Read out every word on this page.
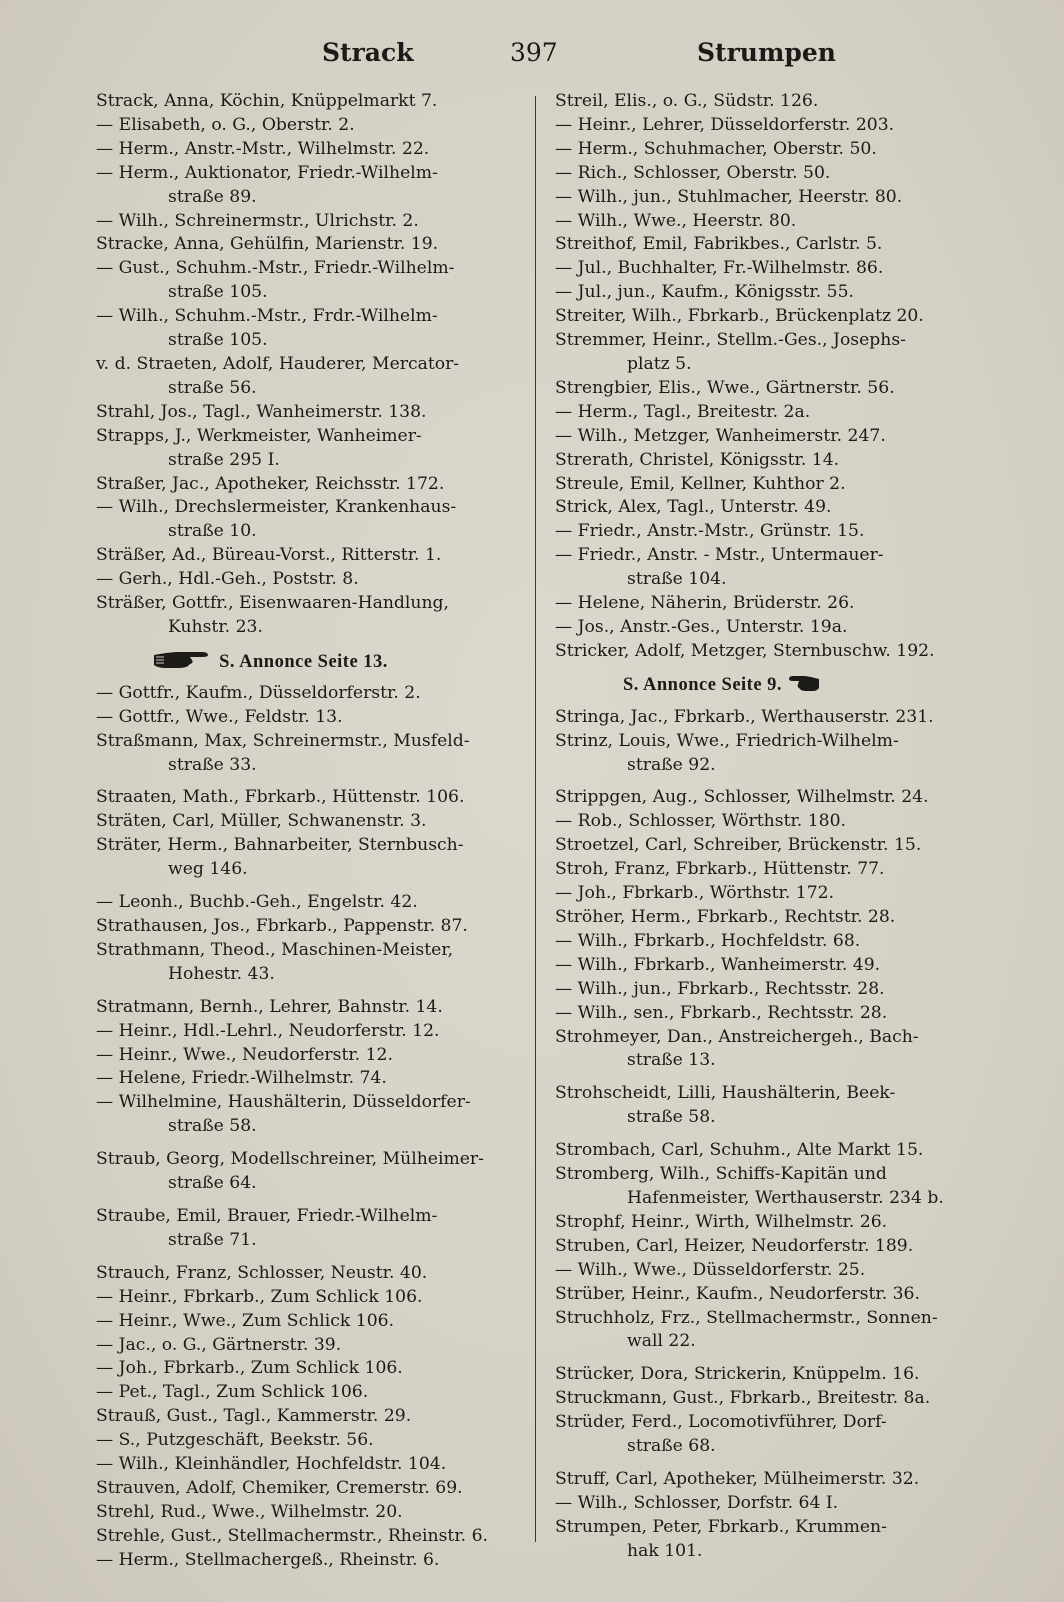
Strack	397	Strumpen
Strack, Anna, Köchin, Knüppelmarkt 7.
— Elisabeth, o. G., Oberstr. 2.
— Herm., Anstr.-Mstr., Wilhelmstr. 22.
— Herm., Auktionator, Friedr.-Wilhelm-
straße 89.
— Wilh., Schreinermstr., Ulrichstr. 2.
Stracke, Anna, Gehülfin, Marienstr. 19.
— Gust., Schuhm.-Mstr., Friedr.-Wilhelm-
straße 105.
— Wilh., Schuhm.-Mstr., Frdr.-Wilhelm-
straße 105.
v. d. Straeten, Adolf, Hauderer, Mercator-
straße 56.
Strahl, Jos., Tagl., Wanheimerstr. 138.
Strapps, J., Werkmeister, Wanheimer-
straße 295 I.
Straßer, Jac., Apotheker, Reichsstr. 172.
— Wilh., Drechslermeister, Krankenhaus-
straße 10.
Sträßer, Ad., Büreau-Vorst., Ritterstr. 1.
— Gerh., Hdl.-Geh., Poststr. 8.
Sträßer, Gottfr., Eisenwaaren-Handlung,
Kuhstr. 23.
S. Annonce Seite 13.
— Gottfr., Kaufm., Düsseldorferstr. 2.
— Gottfr., Wwe., Feldstr. 13.
Straßmann, Max, Schreinermstr., Musfeld-
straße 33.
Straaten, Math., Fbrkarb., Hüttenstr. 106.
Sträten, Carl, Müller, Schwanenstr. 3.
Sträter, Herm., Bahnarbeiter, Sternbusch-
weg 146.
— Leonh., Buchb.-Geh., Engelstr. 42.
Strathausen, Jos., Fbrkarb., Pappenstr. 87.
Strathmann, Theod., Maschinen-Meister,
Hohestr. 43.
Stratmann, Bernh., Lehrer, Bahnstr. 14.
— Heinr., Hdl.-Lehrl., Neudorferstr. 12.
— Heinr., Wwe., Neudorferstr. 12.
— Helene, Friedr.-Wilhelmstr. 74.
— Wilhelmine, Haushälterin, Düsseldorfer-
straße 58.
Straub, Georg, Modellschreiner, Mülheimer-
straße 64.
Straube, Emil, Brauer, Friedr.-Wilhelm-
straße 71.
Strauch, Franz, Schlosser, Neustr. 40.
— Heinr., Fbrkarb., Zum Schlick 106.
— Heinr., Wwe., Zum Schlick 106.
— Jac., o. G., Gärtnerstr. 39.
— Joh., Fbrkarb., Zum Schlick 106.
— Pet., Tagl., Zum Schlick 106.
Strauß, Gust., Tagl., Kammerstr. 29.
— S., Putzgeschäft, Beekstr. 56.
— Wilh., Kleinhändler, Hochfeldstr. 104.
Strauven, Adolf, Chemiker, Cremerstr. 69.
Strehl, Rud., Wwe., Wilhelmstr. 20.
Strehle, Gust., Stellmachermstr., Rheinstr. 6.
— Herm., Stellmachergeß., Rheinstr. 6.
Streil, Elis., o. G., Südstr. 126.
— Heinr., Lehrer, Düsseldorferstr. 203.
— Herm., Schuhmacher, Oberstr. 50.
— Rich., Schlosser, Oberstr. 50.
— Wilh., jun., Stuhlmacher, Heerstr. 80.
— Wilh., Wwe., Heerstr. 80.
Streithof, Emil, Fabrikbes., Carlstr. 5.
— Jul., Buchhalter, Fr.-Wilhelmstr. 86.
— Jul., jun., Kaufm., Königsstr. 55.
Streiter, Wilh., Fbrkarb., Brückenplatz 20.
Stremmer, Heinr., Stellm.-Ges., Josephs-
platz 5.
Strengbier, Elis., Wwe., Gärtnerstr. 56.
— Herm., Tagl., Breitestr. 2a.
— Wilh., Metzger, Wanheimerstr. 247.
Strerath, Christel, Königsstr. 14.
Streule, Emil, Kellner, Kuhthor 2.
Strick, Alex, Tagl., Unterstr. 49.
— Friedr., Anstr.-Mstr., Grünstr. 15.
— Friedr., Anstr. - Mstr., Untermauer-
straße 104.
— Helene, Näherin, Brüderstr. 26.
— Jos., Anstr.-Ges., Unterstr. 19a.
Stricker, Adolf, Metzger, Sternbuschw. 192.
S. Annonce Seite 9.
Stringa, Jac., Fbrkarb., Werthauserstr. 231.
Strinz, Louis, Wwe., Friedrich-Wilhelm-
straße 92.
Strippgen, Aug., Schlosser, Wilhelmstr. 24.
— Rob., Schlosser, Wörthstr. 180.
Stroetzel, Carl, Schreiber, Brückenstr. 15.
Stroh, Franz, Fbrkarb., Hüttenstr. 77.
— Joh., Fbrkarb., Wörthstr. 172.
Ströher, Herm., Fbrkarb., Rechtstr. 28.
— Wilh., Fbrkarb., Hochfeldstr. 68.
— Wilh., Fbrkarb., Wanheimerstr. 49.
— Wilh., jun., Fbrkarb., Rechtsstr. 28.
— Wilh., sen., Fbrkarb., Rechtsstr. 28.
Strohmeyer, Dan., Anstreichergeh., Bach-
straße 13.
Strohscheidt, Lilli, Haushälterin, Beek-
straße 58.
Strombach, Carl, Schuhm., Alte Markt 15.
Stromberg, Wilh., Schiffs-Kapitän und
Hafenmeister, Werthauserstr. 234 b.
Strophf, Heinr., Wirth, Wilhelmstr. 26.
Struben, Carl, Heizer, Neudorferstr. 189.
— Wilh., Wwe., Düsseldorferstr. 25.
Strüber, Heinr., Kaufm., Neudorferstr. 36.
Struchholz, Frz., Stellmachermstr., Sonnen-
wall 22.
Strücker, Dora, Strickerin, Knüppelm. 16.
Struckmann, Gust., Fbrkarb., Breitestr. 8a.
Strüder, Ferd., Locomotivführer, Dorf-
straße 68.
Struff, Carl, Apotheker, Mülheimerstr. 32.
— Wilh., Schlosser, Dorfstr. 64 I.
Strumpen, Peter, Fbrkarb., Krummen-
hak 101.
